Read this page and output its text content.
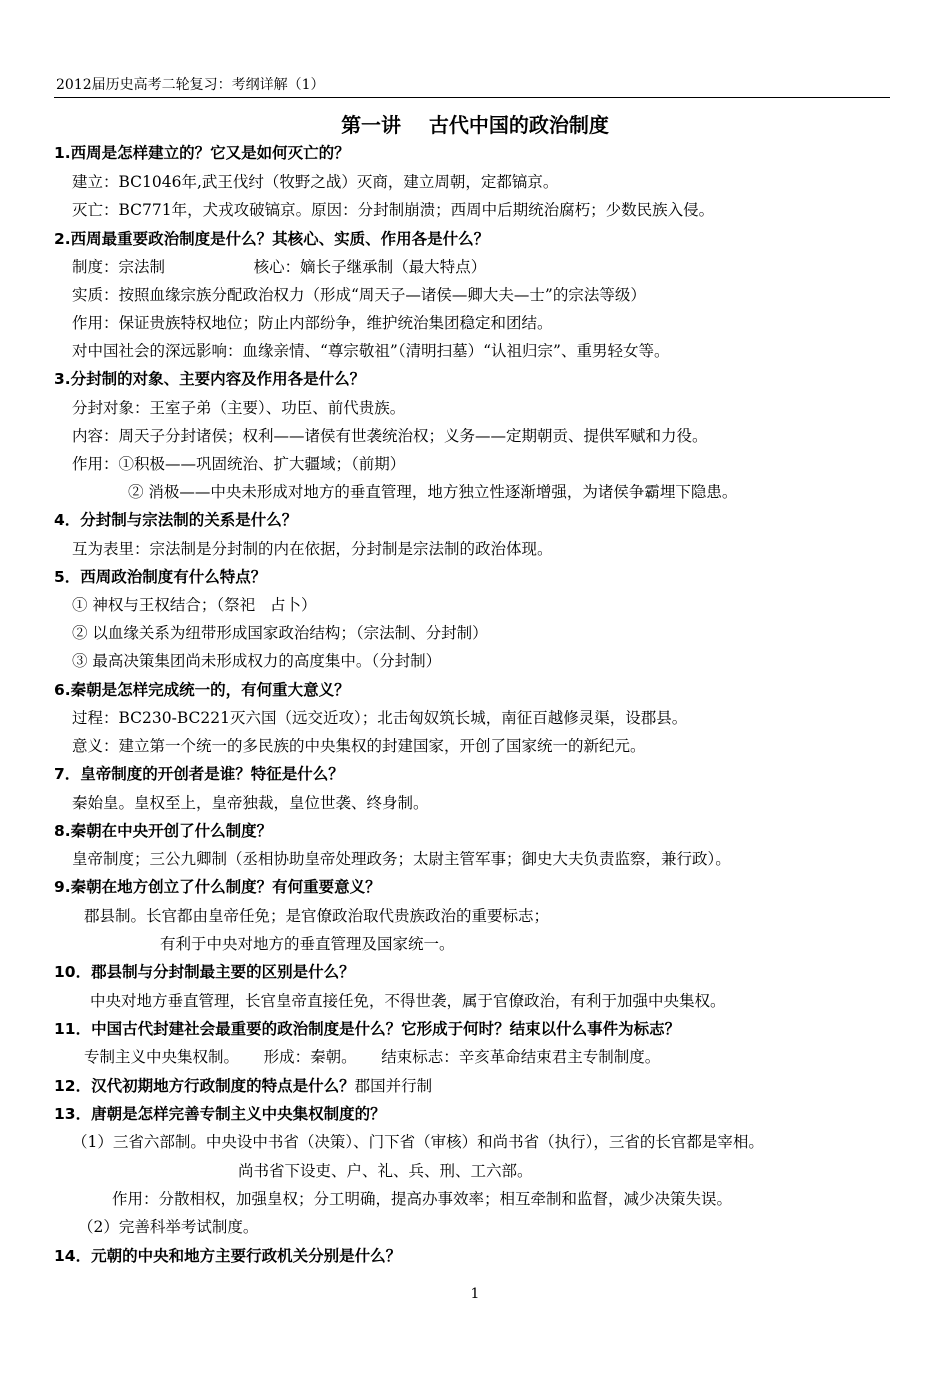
2012届历史高考二轮复习：考纲详解（1）
第一讲    古代中国的政治制度
1.西周是怎样建立的？它又是如何灭亡的？
建立：BC1046年,武王伐纣（牧野之战）灭商，建立周朝，定都镐京。
灭亡：BC771年，犬戎攻破镐京。原因：分封制崩溃；西周中后期统治腐朽；少数民族入侵。
2.西周最重要政治制度是什么？其核心、实质、作用各是什么？
制度：宗法制                  核心：嫡长子继承制（最大特点）
实质：按照血缘宗族分配政治权力（形成“周天子—诸侯—卿大夫—士”的宗法等级）
作用：保证贵族特权地位；防止内部纷争，维护统治集团稳定和团结。
对中国社会的深远影响：血缘亲情、“尊宗敬祖”（清明扫墓）“认祖归宗”、重男轻女等。
3.分封制的对象、主要内容及作用各是什么？
分封对象：王室子弟（主要）、功臣、前代贵族。
内容：周天子分封诸侯；权利——诸侯有世袭统治权；义务——定期朝贡、提供军赋和力役。
作用：①积极——巩固统治、扩大疆域；（前期）
② 消极——中央未形成对地方的垂直管理，地方独立性逐渐增强，为诸侯争霸埋下隐患。
4．分封制与宗法制的关系是什么？
互为表里：宗法制是分封制的内在依据，分封制是宗法制的政治体现。
5．西周政治制度有什么特点？
① 神权与王权结合；（祭祀   占卜）
② 以血缘关系为纽带形成国家政治结构；（宗法制、分封制）
③ 最高决策集团尚未形成权力的高度集中。（分封制）
6.秦朝是怎样完成统一的，有何重大意义？
过程：BC230-BC221灭六国（远交近攻）；北击匈奴筑长城，南征百越修灵渠，设郡县。
意义：建立第一个统一的多民族的中央集权的封建国家，开创了国家统一的新纪元。
7．皇帝制度的开创者是谁？特征是什么？
秦始皇。皇权至上，皇帝独裁，皇位世袭、终身制。
8.秦朝在中央开创了什么制度？
皇帝制度；三公九卿制（丞相协助皇帝处理政务；太尉主管军事；御史大夫负责监察，兼行政）。
9.秦朝在地方创立了什么制度？有何重要意义？
郡县制。长官都由皇帝任免；是官僚政治取代贵族政治的重要标志；
有利于中央对地方的垂直管理及国家统一。
10．郡县制与分封制最主要的区别是什么？
中央对地方垂直管理，长官皇帝直接任免，不得世袭，属于官僚政治，有利于加强中央集权。
11．中国古代封建社会最重要的政治制度是什么？它形成于何时？结束以什么事件为标志？
专制主义中央集权制。     形成：秦朝。     结束标志：辛亥革命结束君主专制制度。
12．汉代初期地方行政制度的特点是什么？郡国并行制
13．唐朝是怎样完善专制主义中央集权制度的？
（1）三省六部制。中央设中书省（决策）、门下省（审核）和尚书省（执行），三省的长官都是宰相。
尚书省下设吏、户、礼、兵、刑、工六部。
作用：分散相权，加强皇权；分工明确，提高办事效率；相互牵制和监督，减少决策失误。
（2）完善科举考试制度。
14．元朝的中央和地方主要行政机关分别是什么？
1
